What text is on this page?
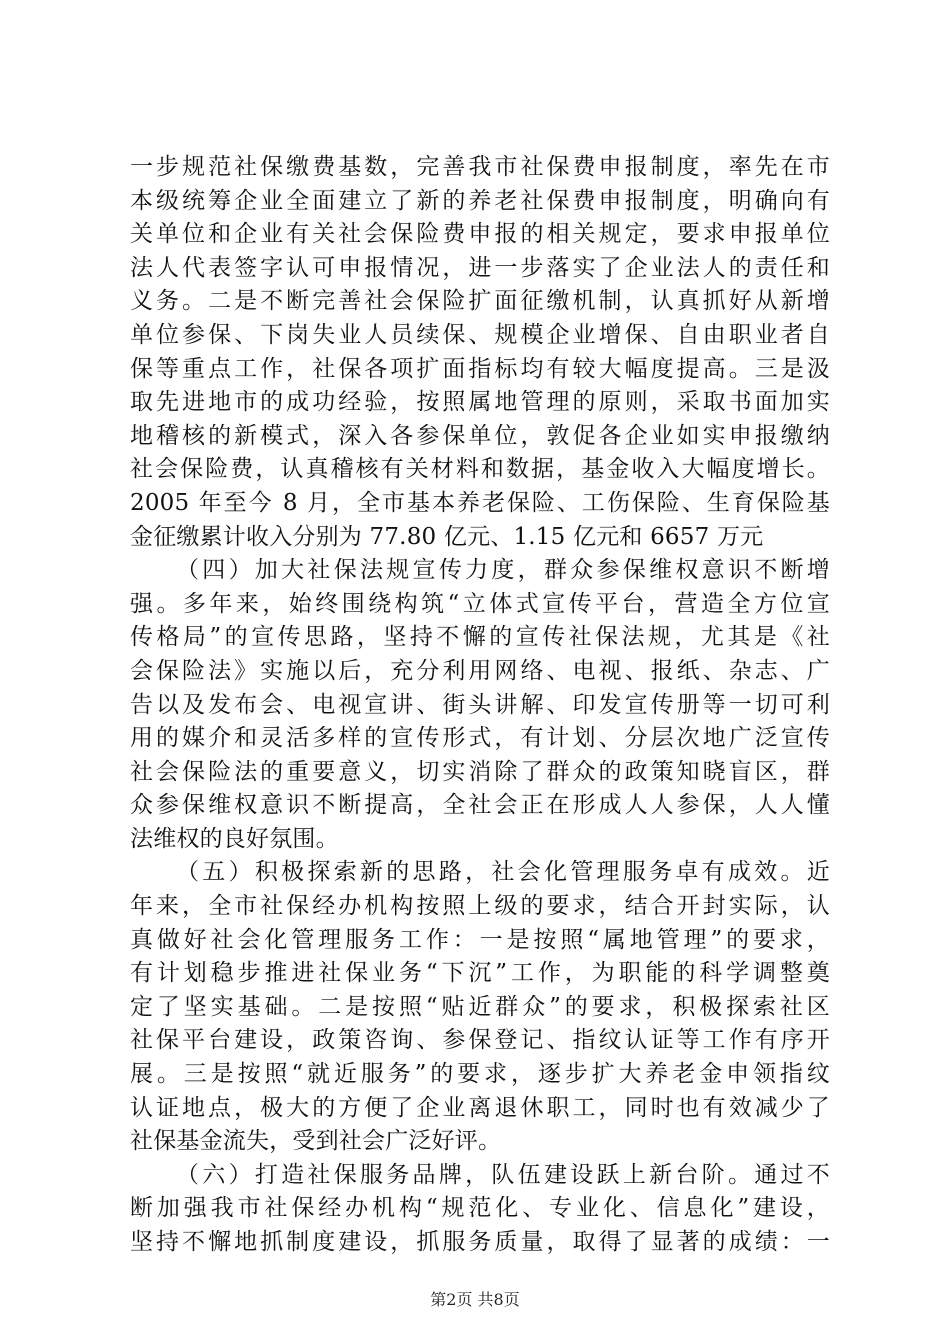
一步规范社保缴费基数，完善我市社保费申报制度，率先在市
本级统筹企业全面建立了新的养老社保费申报制度，明确向有
关单位和企业有关社会保险费申报的相关规定，要求申报单位
法人代表签字认可申报情况，进一步落实了企业法人的责任和
义务。二是不断完善社会保险扩面征缴机制，认真抓好从新增
单位参保、下岗失业人员续保、规模企业增保、自由职业者自
保等重点工作，社保各项扩面指标均有较大幅度提高。三是汲
取先进地市的成功经验，按照属地管理的原则，采取书面加实
地稽核的新模式，深入各参保单位，敦促各企业如实申报缴纳
社会保险费，认真稽核有关材料和数据，基金收入大幅度增长。
2005 年至今 8 月，全市基本养老保险、工伤保险、生育保险基
金征缴累计收入分别为 77.80 亿元、1.15 亿元和 6657 万元
（四）加大社保法规宣传力度，群众参保维权意识不断增
强。多年来，始终围绕构筑“立体式宣传平台，营造全方位宣
传格局”的宣传思路，坚持不懈的宣传社保法规，尤其是《社
会保险法》实施以后，充分利用网络、电视、报纸、杂志、广
告以及发布会、电视宣讲、街头讲解、印发宣传册等一切可利
用的媒介和灵活多样的宣传形式，有计划、分层次地广泛宣传
社会保险法的重要意义，切实消除了群众的政策知晓盲区，群
众参保维权意识不断提高，全社会正在形成人人参保，人人懂
法维权的良好氛围。
（五）积极探索新的思路，社会化管理服务卓有成效。近
年来，全市社保经办机构按照上级的要求，结合开封实际，认
真做好社会化管理服务工作：一是按照“属地管理”的要求，
有计划稳步推进社保业务“下沉”工作，为职能的科学调整奠
定了坚实基础。二是按照“贴近群众”的要求，积极探索社区
社保平台建设，政策咨询、参保登记、指纹认证等工作有序开
展。三是按照“就近服务”的要求，逐步扩大养老金申领指纹
认证地点，极大的方便了企业离退休职工，同时也有效减少了
社保基金流失，受到社会广泛好评。
（六）打造社保服务品牌，队伍建设跃上新台阶。通过不
断加强我市社保经办机构“规范化、专业化、信息化”建设，
坚持不懈地抓制度建设，抓服务质量，取得了显著的成绩：一
第2页 共8页
